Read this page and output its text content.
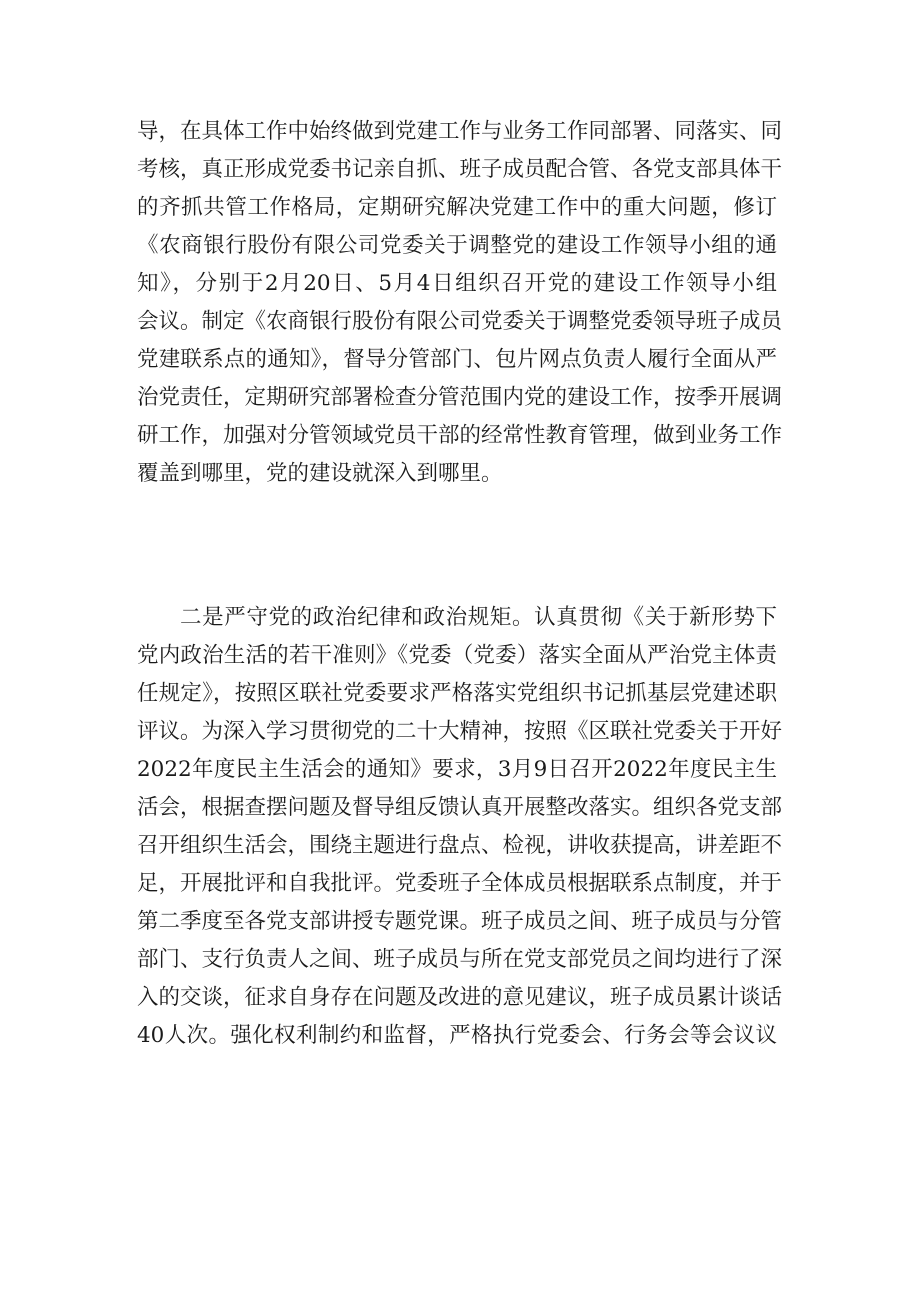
导，在具体工作中始终做到党建工作与业务工作同部署、同落实、同
考核，真正形成党委书记亲自抓、班子成员配合管、各党支部具体干
的齐抓共管工作格局，定期研究解决党建工作中的重大问题，修订
《农商银行股份有限公司党委关于调整党的建设工作领导小组的通
知》，分别于2月20日、5月4日组织召开党的建设工作领导小组
会议。制定《农商银行股份有限公司党委关于调整党委领导班子成员
党建联系点的通知》，督导分管部门、包片网点负责人履行全面从严
治党责任，定期研究部署检查分管范围内党的建设工作，按季开展调
研工作，加强对分管领域党员干部的经常性教育管理，做到业务工作
覆盖到哪里，党的建设就深入到哪里。
二是严守党的政治纪律和政治规矩。认真贯彻《关于新形势下
党内政治生活的若干准则》《党委（党委）落实全面从严治党主体责
任规定》，按照区联社党委要求严格落实党组织书记抓基层党建述职
评议。为深入学习贯彻党的二十大精神，按照《区联社党委关于开好
2022年度民主生活会的通知》要求，3月9日召开2022年度民主生
活会，根据查摆问题及督导组反馈认真开展整改落实。组织各党支部
召开组织生活会，围绕主题进行盘点、检视，讲收获提高，讲差距不
足，开展批评和自我批评。党委班子全体成员根据联系点制度，并于
第二季度至各党支部讲授专题党课。班子成员之间、班子成员与分管
部门、支行负责人之间、班子成员与所在党支部党员之间均进行了深
入的交谈，征求自身存在问题及改进的意见建议，班子成员累计谈话
40人次。强化权利制约和监督，严格执行党委会、行务会等会议议
